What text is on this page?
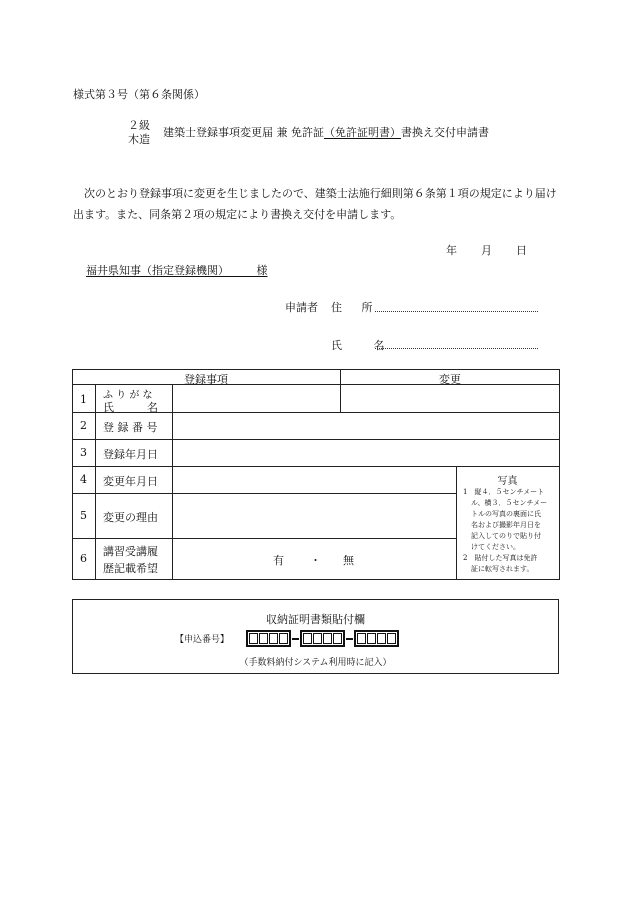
様式第３号（第６条関係）
２級
木造
建築士登録事項変更届 兼 免許証（免許証明書）書換え交付申請書
次のとおり登録事項に変更を生じましたので、建築士法施行細則第６条第１項の規定により届け出ます。また、同条第２項の規定により書換え交付を申請します。
年 月 日
福井県知事（指定登録機関）　　　様
申請者 住 所
氏 名
登録事項	変更
1 ふ り が な
氏　　　名
2 登 録 番 号
3 登録年月日
4 変更年月日
5 変更の理由
6
講習受講履
歴記載希望
有 ・ 無
写真
1　縦４．５センチメート
ル、横３．５センチメー
トルの写真の裏面に氏
名および撮影年月日を
記入してのりで貼り付
けてください。
2　貼付した写真は免許
証に転写されます。
収納証明書類貼付欄
【申込番号】
（手数料納付システム利用時に記入）
